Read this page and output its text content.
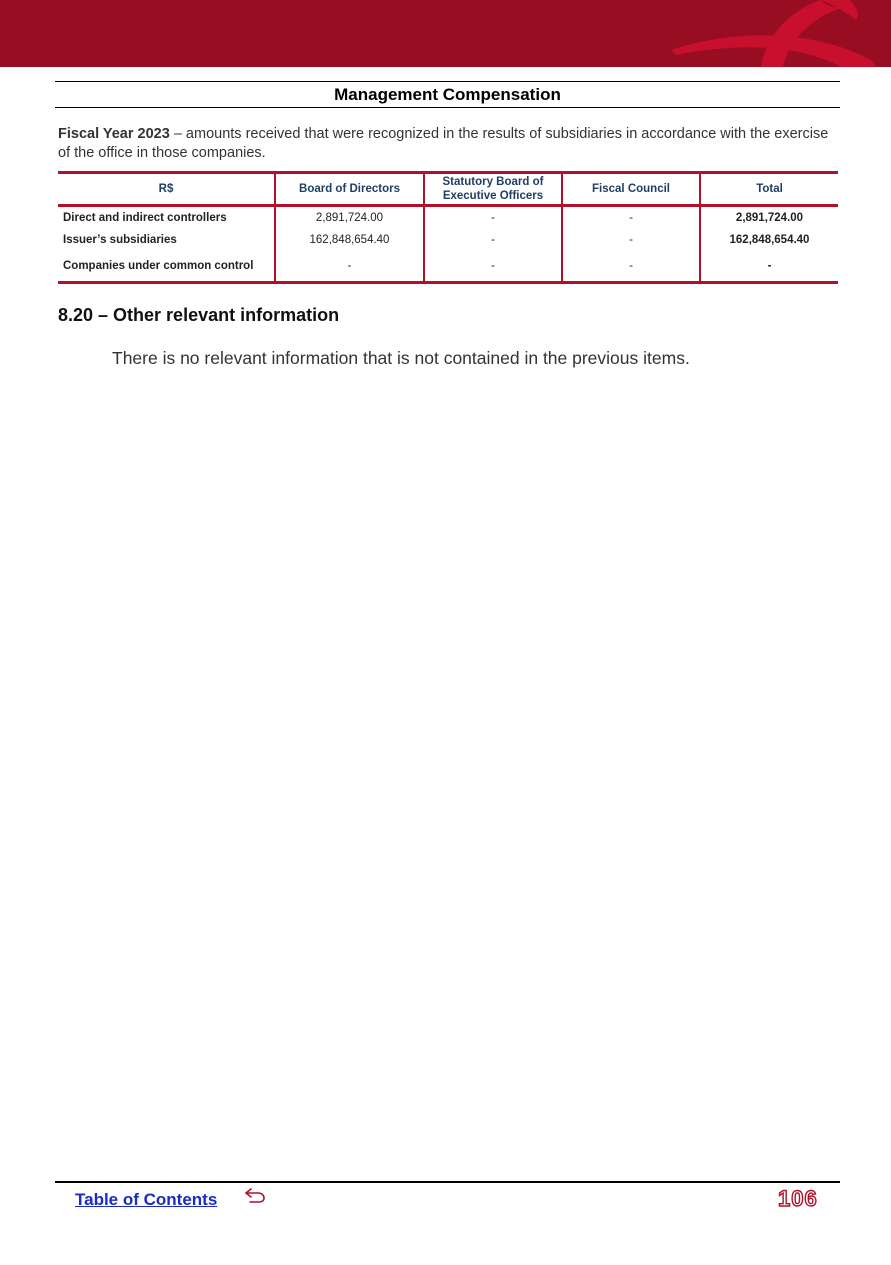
Management Compensation
Fiscal Year 2023 – amounts received that were recognized in the results of subsidiaries in accordance with the exercise of the office in those companies.
R$	Board of Directors	Statutory Board of Executive Officers	Fiscal Council	Total
Direct and indirect controllers	2,891,724.00	-	-	2,891,724.00
Issuer’s subsidiaries	162,848,654.40	-	-	162,848,654.40
Companies under common control	-	-	-	-
8.20 – Other relevant information
There is no relevant information that is not contained in the previous items.
Table of Contents	106
